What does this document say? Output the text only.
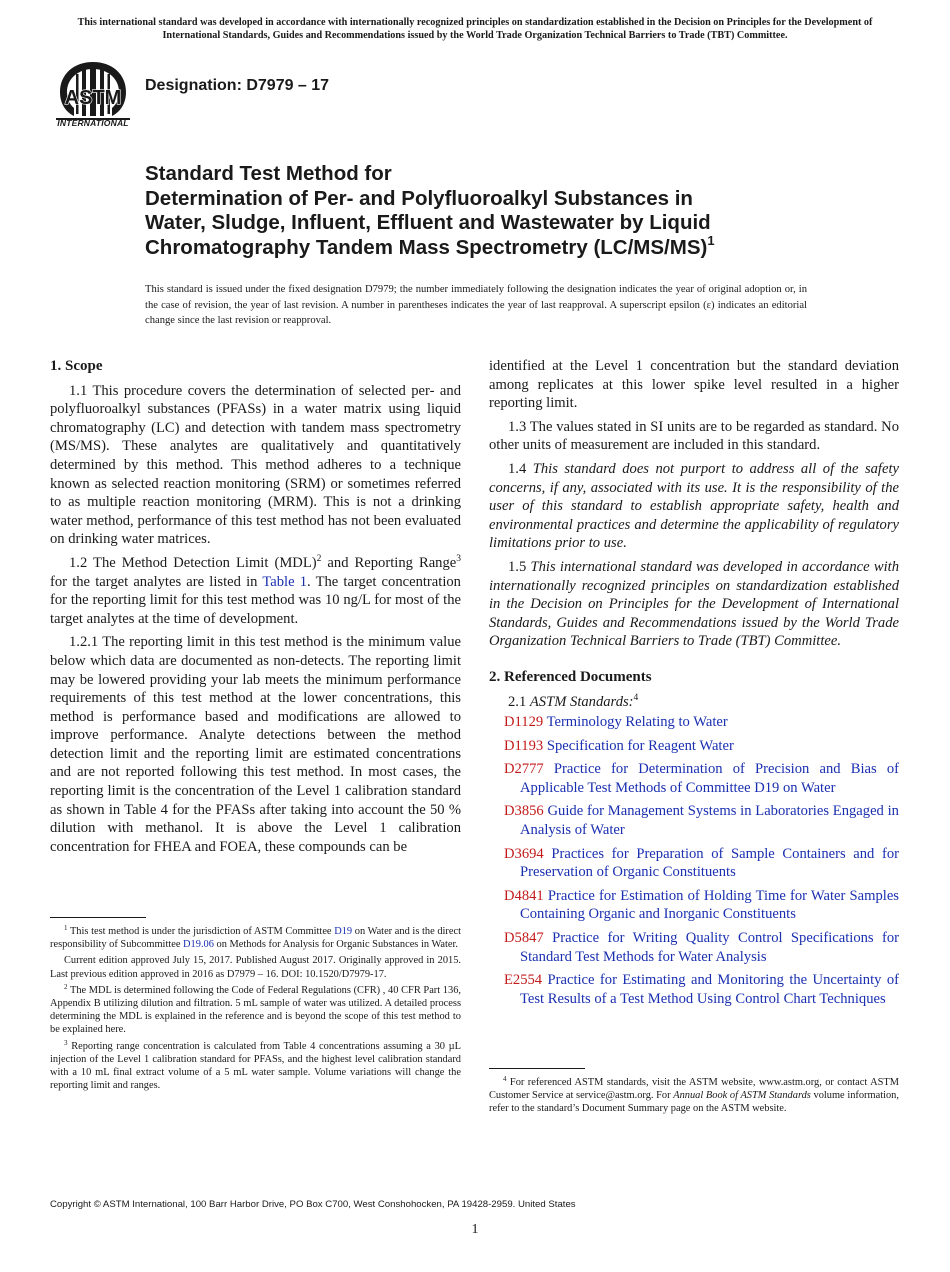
This international standard was developed in accordance with internationally recognized principles on standardization established in the Decision on Principles for the Development of International Standards, Guides and Recommendations issued by the World Trade Organization Technical Barriers to Trade (TBT) Committee.
ASTM
INTERNATIONAL
Designation: D7979 – 17
Standard Test Method for
Determination of Per- and Polyfluoroalkyl Substances in
Water, Sludge, Influent, Effluent and Wastewater by Liquid
Chromatography Tandem Mass Spectrometry $(LC/MS/MS)^1$
This standard is issued under the fixed designation D7979; the number immediately following the designation indicates the year of original adoption or, in the case of revision, the year of last revision. A number in parentheses indicates the year of last reapproval. A superscript epsilon (ε) indicates an editorial change since the last revision or reapproval.
1. Scope

1.1 This procedure covers the determination of selected per- and polyfluoroalkyl substances (PFASs) in a water matrix using liquid chromatography (LC) and detection with tandem mass spectrometry (MS/MS). These analytes are qualitatively and quantitatively determined by this method. This method adheres to a technique known as selected reaction monitoring (SRM) or sometimes referred to as multiple reaction monitoring (MRM). This is not a drinking water method, performance of this test method has not been evaluated on drinking water matrices.

1.2 The Method Detection Limit (MDL)$^2$ and Reporting Range$^3$ for the target analytes are listed in Table 1. The target concentration for the reporting limit for this test method was 10 ng/L for most of the target analytes at the time of development.

1.2.1 The reporting limit in this test method is the minimum value below which data are documented as non-detects. The reporting limit may be lowered providing your lab meets the minimum performance requirements of this test method at the lower concentrations, this method is performance based and modifications are allowed to improve performance. Analyte detections between the method detection limit and the reporting limit are estimated concentrations and are not reported following this test method. In most cases, the reporting limit is the concentration of the Level 1 calibration standard as shown in Table 4 for the PFASs after taking into account the 50 % dilution with methanol. It is above the Level 1 calibration concentration for FHEA and FOEA, these compounds can be

$^1$ This test method is under the jurisdiction of ASTM Committee D19 on Water and is the direct responsibility of Subcommittee D19.06 on Methods for Analysis for Organic Substances in Water.

Current edition approved July 15, 2017. Published August 2017. Originally approved in 2015. Last previous edition approved in 2016 as D7979 – 16. DOI: 10.1520/D7979-17.

$^2$ The MDL is determined following the Code of Federal Regulations (CFR) , 40 CFR Part 136, Appendix B utilizing dilution and filtration. 5 mL sample of water was utilized. A detailed process determining the MDL is explained in the reference and is beyond the scope of this test method to be explained here.

$^3$ Reporting range concentration is calculated from Table 4 concentrations assuming a 30 µL injection of the Level 1 calibration standard for PFASs, and the highest level calibration standard with a 10 mL final extract volume of a 5 mL water sample. Volume variations will change the reporting limit and ranges.

identified at the Level 1 concentration but the standard deviation among replicates at this lower spike level resulted in a higher reporting limit.

1.3 The values stated in SI units are to be regarded as standard. No other units of measurement are included in this standard.

1.4 This standard does not purport to address all of the safety concerns, if any, associated with its use. It is the responsibility of the user of this standard to establish appropriate safety, health and environmental practices and determine the applicability of regulatory limitations prior to use.

1.5 This international standard was developed in accordance with internationally recognized principles on standardization established in the Decision on Principles for the Development of International Standards, Guides and Recommendations issued by the World Trade Organization Technical Barriers to Trade (TBT) Committee.

2. Referenced Documents

2.1 ASTM Standards:$^4$

D1129 Terminology Relating to Water

D1193 Specification for Reagent Water

D2777 Practice for Determination of Precision and Bias of Applicable Test Methods of Committee D19 on Water

D3856 Guide for Management Systems in Laboratories Engaged in Analysis of Water

D3694 Practices for Preparation of Sample Containers and for Preservation of Organic Constituents

D4841 Practice for Estimation of Holding Time for Water Samples Containing Organic and Inorganic Constituents

D5847 Practice for Writing Quality Control Specifications for Standard Test Methods for Water Analysis

E2554 Practice for Estimating and Monitoring the Uncertainty of Test Results of a Test Method Using Control Chart Techniques

$^4$ For referenced ASTM standards, visit the ASTM website, www.astm.org, or contact ASTM Customer Service at service@astm.org. For Annual Book of ASTM Standards volume information, refer to the standard’s Document Summary page on the ASTM website.

Copyright © ASTM International, 100 Barr Harbor Drive, PO Box C700, West Conshohocken, PA 19428-2959. United States
1
